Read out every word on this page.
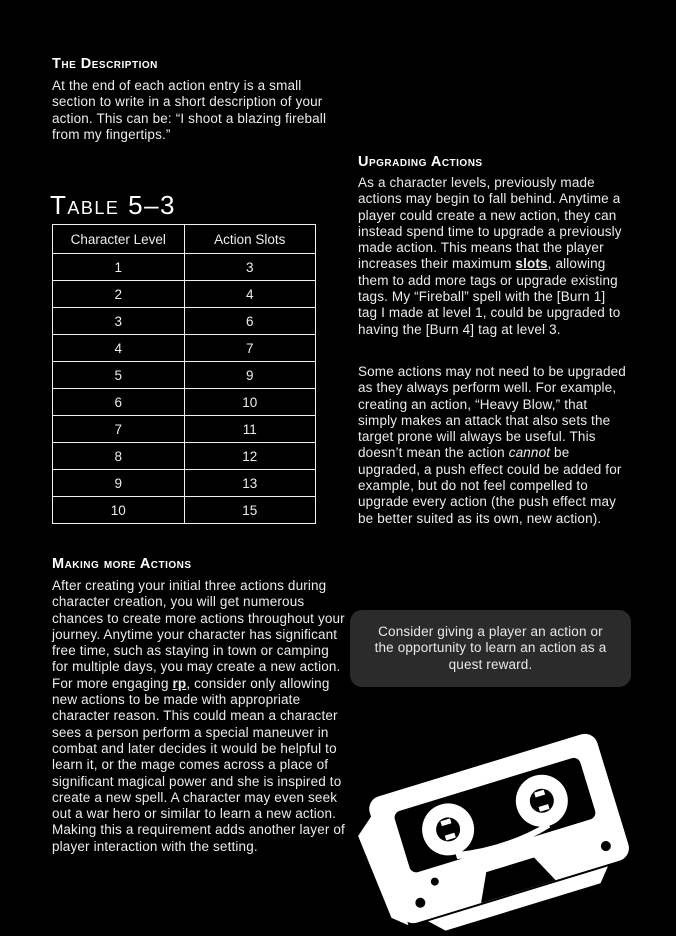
The Description

At the end of each action entry is a small section to write in a short description of your action. This can be: “I shoot a blazing fireball from my fingertips.”

Table 5–3
Character Level	Action Slots
1	3
2	4
3	6
4	7
5	9
6	10
7	11
8	12
9	13
10	15
Making more Actions

After creating your initial three actions during character creation, you will get numerous chances to create more actions throughout your journey. Anytime your character has significant free time, such as staying in town or camping for multiple days, you may create a new action. For more engaging rp, consider only allowing new actions to be made with appropriate character reason. This could mean a character sees a person perform a special maneuver in combat and later decides it would be helpful to learn it, or the mage comes across a place of significant magical power and she is inspired to create a new spell. A character may even seek out a war hero or similar to learn a new action. Making this a requirement adds another layer of player interaction with the setting.

Upgrading Actions

As a character levels, previously made actions may begin to fall behind. Anytime a player could create a new action, they can instead spend time to upgrade a previously made action. This means that the player increases their maximum slots, allowing them to add more tags or upgrade existing tags. My “Fireball” spell with the [Burn 1] tag I made at level 1, could be upgraded to having the [Burn 4] tag at level 3.

Some actions may not need to be upgraded as they always perform well. For example, creating an action, “Heavy Blow,” that simply makes an attack that also sets the target prone will always be useful. This doesn’t mean the action cannot be upgraded, a push effect could be added for example, but do not feel compelled to upgrade every action (the push effect may be better suited as its own, new action).

Consider giving a player an action or the opportunity to learn an action as a quest reward.
